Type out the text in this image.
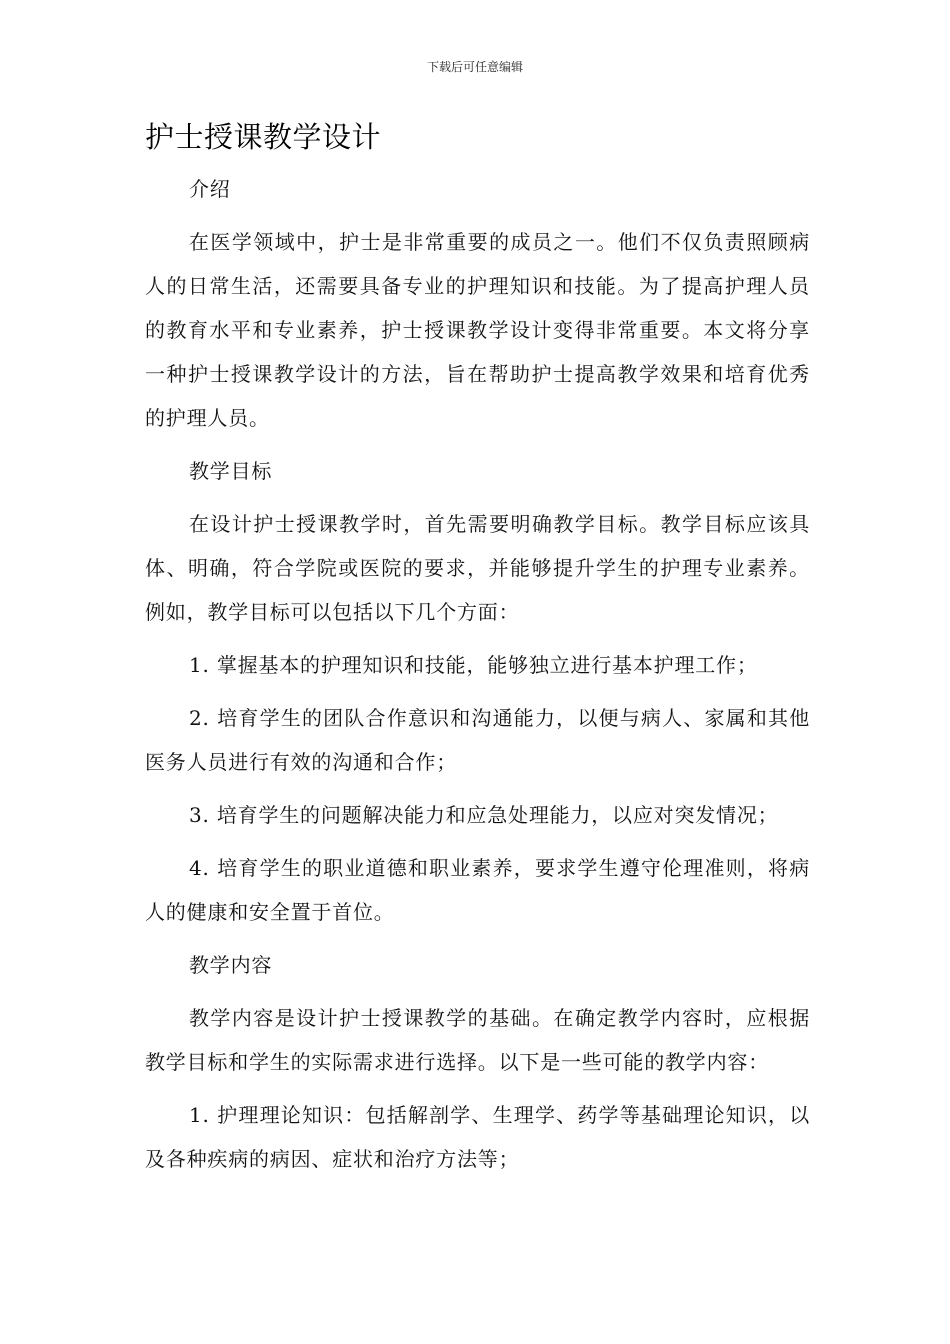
下载后可任意编辑
护士授课教学设计

介绍

在医学领域中，护士是非常重要的成员之一。他们不仅负责照顾病人的日常生活，还需要具备专业的护理知识和技能。为了提高护理人员的教育水平和专业素养，护士授课教学设计变得非常重要。本文将分享一种护士授课教学设计的方法，旨在帮助护士提高教学效果和培育优秀的护理人员。

教学目标

在设计护士授课教学时，首先需要明确教学目标。教学目标应该具体、明确，符合学院或医院的要求，并能够提升学生的护理专业素养。例如，教学目标可以包括以下几个方面：

1. 掌握基本的护理知识和技能，能够独立进行基本护理工作；

2. 培育学生的团队合作意识和沟通能力，以便与病人、家属和其他医务人员进行有效的沟通和合作；

3. 培育学生的问题解决能力和应急处理能力，以应对突发情况；

4. 培育学生的职业道德和职业素养，要求学生遵守伦理准则，将病人的健康和安全置于首位。

教学内容

教学内容是设计护士授课教学的基础。在确定教学内容时，应根据教学目标和学生的实际需求进行选择。以下是一些可能的教学内容：

1. 护理理论知识：包括解剖学、生理学、药学等基础理论知识，以及各种疾病的病因、症状和治疗方法等；
